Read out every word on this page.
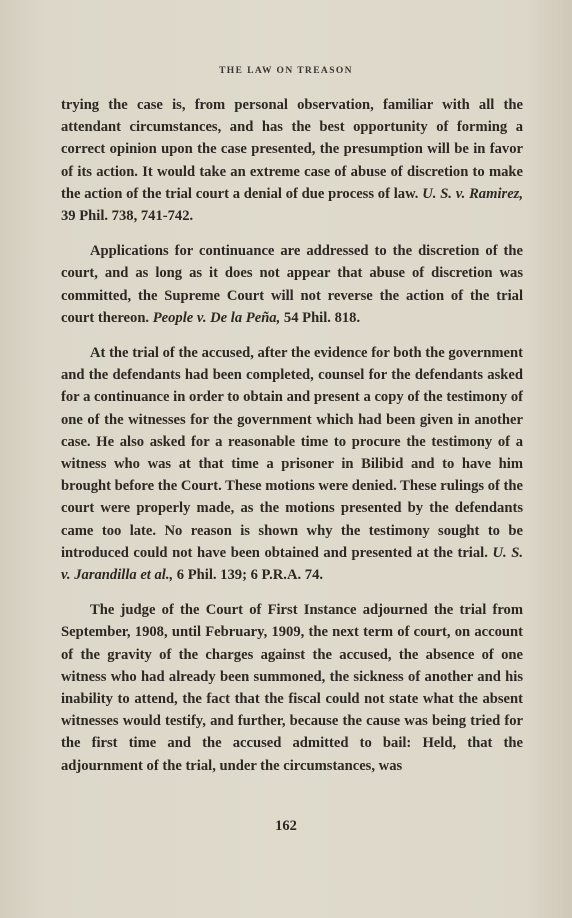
THE LAW ON TREASON

trying the case is, from personal observation, familiar with all the attendant circumstances, and has the best opportunity of forming a correct opinion upon the case presented, the presumption will be in favor of its action. It would take an extreme case of abuse of discretion to make the action of the trial court a denial of due process of law. U. S. v. Ramirez, 39 Phil. 738, 741-742.

Applications for continuance are addressed to the discretion of the court, and as long as it does not appear that abuse of discretion was committed, the Supreme Court will not reverse the action of the trial court thereon. People v. De la Peña, 54 Phil. 818.

At the trial of the accused, after the evidence for both the government and the defendants had been completed, counsel for the defendants asked for a continuance in order to obtain and present a copy of the testimony of one of the witnesses for the government which had been given in another case. He also asked for a reasonable time to procure the testimony of a witness who was at that time a prisoner in Bilibid and to have him brought before the Court. These motions were denied. These rulings of the court were properly made, as the motions presented by the defendants came too late. No reason is shown why the testimony sought to be introduced could not have been obtained and presented at the trial. U. S. v. Jarandilla et al., 6 Phil. 139; 6 P.R.A. 74.

The judge of the Court of First Instance adjourned the trial from September, 1908, until February, 1909, the next term of court, on account of the gravity of the charges against the accused, the absence of one witness who had already been summoned, the sickness of another and his inability to attend, the fact that the fiscal could not state what the absent witnesses would testify, and further, because the cause was being tried for the first time and the accused admitted to bail: Held, that the adjournment of the trial, under the circumstances, was

162
